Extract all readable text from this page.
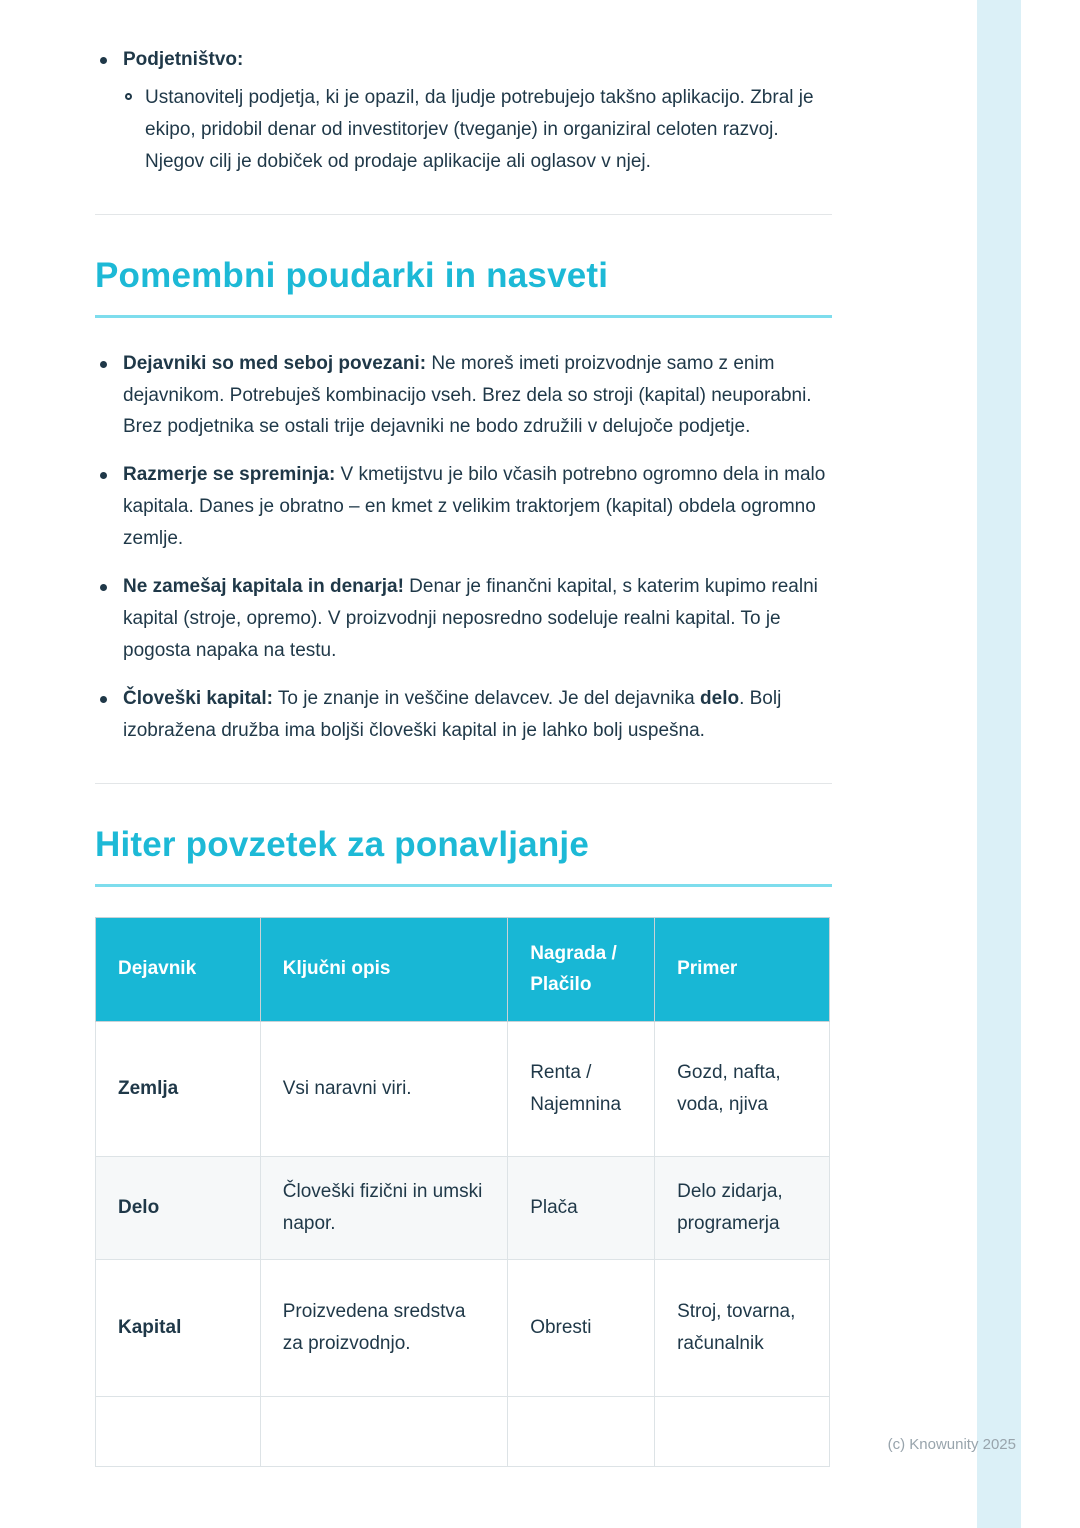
Podjetništvo:
Ustanovitelj podjetja, ki je opazil, da ljudje potrebujejo takšno aplikacijo. Zbral je ekipo, pridobil denar od investitorjev (tveganje) in organiziral celoten razvoj. Njegov cilj je dobiček od prodaje aplikacije ali oglasov v njej.
Pomembni poudarki in nasveti
Dejavniki so med seboj povezani: Ne moreš imeti proizvodnje samo z enim dejavnikom. Potrebuješ kombinacijo vseh. Brez dela so stroji (kapital) neuporabni. Brez podjetnika se ostali trije dejavniki ne bodo združili v delujoče podjetje.
Razmerje se spreminja: V kmetijstvu je bilo včasih potrebno ogromno dela in malo kapitala. Danes je obratno – en kmet z velikim traktorjem (kapital) obdela ogromno zemlje.
Ne zamešaj kapitala in denarja! Denar je finančni kapital, s katerim kupimo realni kapital (stroje, opremo). V proizvodnji neposredno sodeluje realni kapital. To je pogosta napaka na testu.
Človeški kapital: To je znanje in veščine delavcev. Je del dejavnika delo. Bolj izobražena družba ima boljši človeški kapital in je lahko bolj uspešna.
Hiter povzetek za ponavljanje
Dejavnik	Ključni opis	Nagrada / Plačilo	Primer
Zemlja	Vsi naravni viri.	Renta / Najemnina	Gozd, nafta, voda, njiva
Delo	Človeški fizični in umski napor.	Plača	Delo zidarja, programerja
Kapital	Proizvedena sredstva za proizvodnjo.	Obresti	Stroj, tovarna, računalnik

(c) Knowunity 2025
